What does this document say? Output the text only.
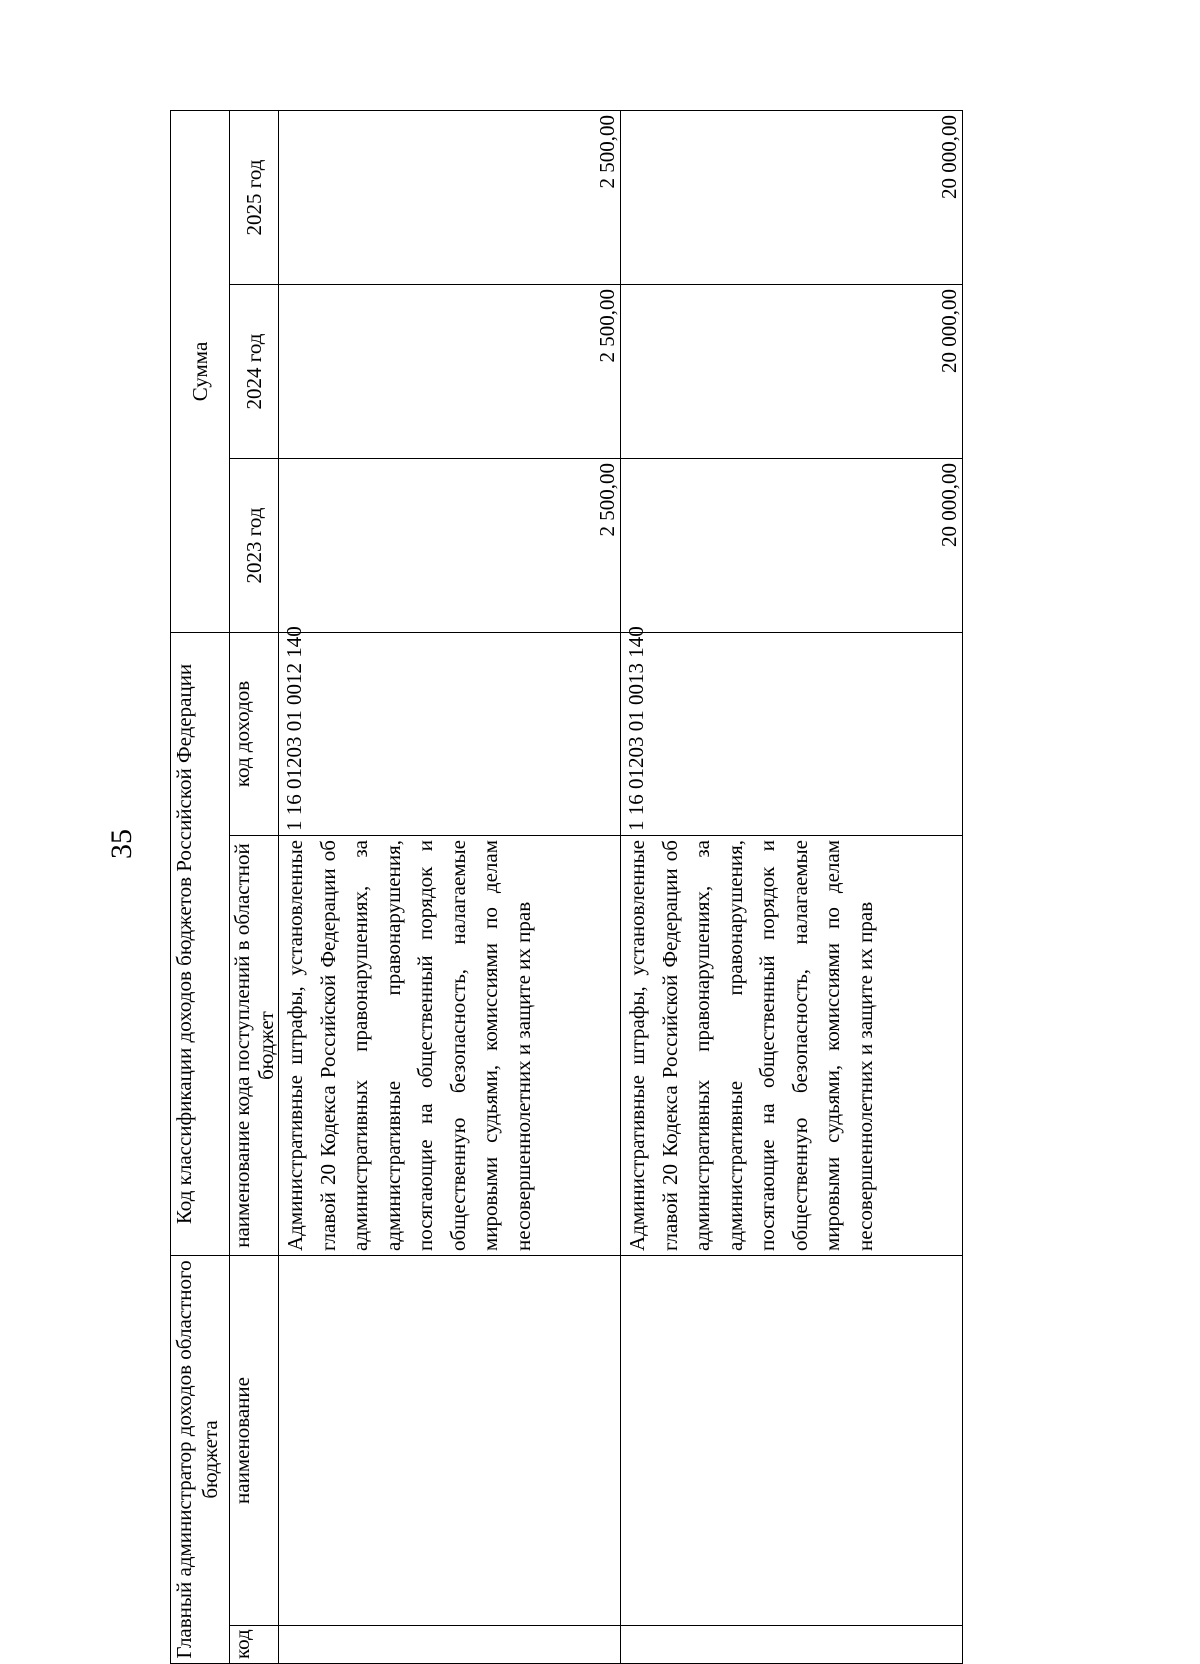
35
Главный администратор доходов областного бюджета		Код классификации доходов бюджетов Российской Федерации		Сумма		
код	наименование	наименование кода поступлений в областной бюджет	код доходов	2023 год	2024 год	2025 год
		Административные штрафы, установленные главой 20 Кодекса Российской Федерации об административных правонарушениях, за административные правонарушения, посягающие на общественный порядок и общественную безопасность, налагаемые мировыми судьями, комиссиями по делам несовершеннолетних и защите их прав	1 16 01203 01 0012 140	2 500,00	2 500,00	2 500,00
		Административные штрафы, установленные главой 20 Кодекса Российской Федерации об административных правонарушениях, за административные правонарушения, посягающие на общественный порядок и общественную безопасность, налагаемые мировыми судьями, комиссиями по делам несовершеннолетних и защите их прав	1 16 01203 01 0013 140	20 000,00	20 000,00	20 000,00
